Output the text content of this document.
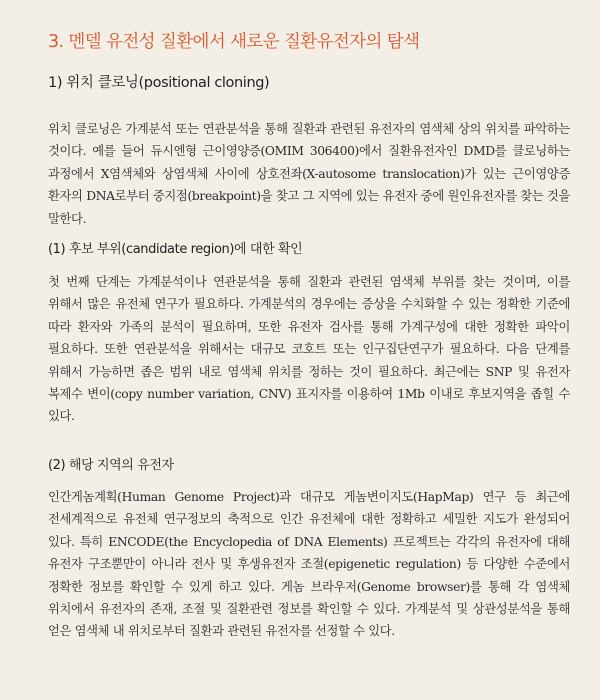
3. 멘델 유전성 질환에서 새로운 질환유전자의 탐색
1) 위치 클로닝(positional cloning)

위치 클로닝은 가계분석 또는 연관분석을 통해 질환과 관련된 유전자의 염색체 상의 위치를 파악하는 것이다. 예를 들어 듀시엔형 근이영양증(OMIM 306400)에서 질환유전자인 DMD를 클로닝하는 과정에서 X염색체와 상염색체 사이에 상호전좌(X-autosome translocation)가 있는 근이영양증 환자의 DNA로부터 중지점(breakpoint)을 찾고 그 지역에 있는 유전자 중에 원인유전자를 찾는 것을 말한다.

(1) 후보 부위(candidate region)에 대한 확인

첫 번째 단계는 가계분석이나 연관분석을 통해 질환과 관련된 염색체 부위를 찾는 것이며, 이를 위해서 많은 유전체 연구가 필요하다. 가계분석의 경우에는 증상을 수치화할 수 있는 정확한 기준에 따라 환자와 가족의 분석이 필요하며, 또한 유전자 검사를 통해 가계구성에 대한 정확한 파악이 필요하다. 또한 연관분석을 위해서는 대규모 코호트 또는 인구집단연구가 필요하다. 다음 단계를 위해서 가능하면 좁은 범위 내로 염색체 위치를 정하는 것이 필요하다. 최근에는 SNP 및 유전자 복제수 변이(copy number variation, CNV) 표지자를 이용하여 1Mb 이내로 후보지역을 좁힐 수 있다.

(2) 해당 지역의 유전자

인간게놈계획(Human Genome Project)과 대규모 게놈변이지도(HapMap) 연구 등 최근에 전세계적으로 유전체 연구정보의 축적으로 인간 유전체에 대한 정확하고 세밀한 지도가 완성되어 있다. 특히 ENCODE(the Encyclopedia of DNA Elements) 프로젝트는 각각의 유전자에 대해 유전자 구조뿐만이 아니라 전사 및 후생유전자 조절(epigenetic regulation) 등 다양한 수준에서 정확한 정보를 확인할 수 있게 하고 있다. 게놈 브라우저(Genome browser)를 통해 각 염색체 위치에서 유전자의 존재, 조절 및 질환관련 정보를 확인할 수 있다. 가계분석 및 상관성분석을 통해 얻은 염색체 내 위치로부터 질환과 관련된 유전자를 선정할 수 있다.
